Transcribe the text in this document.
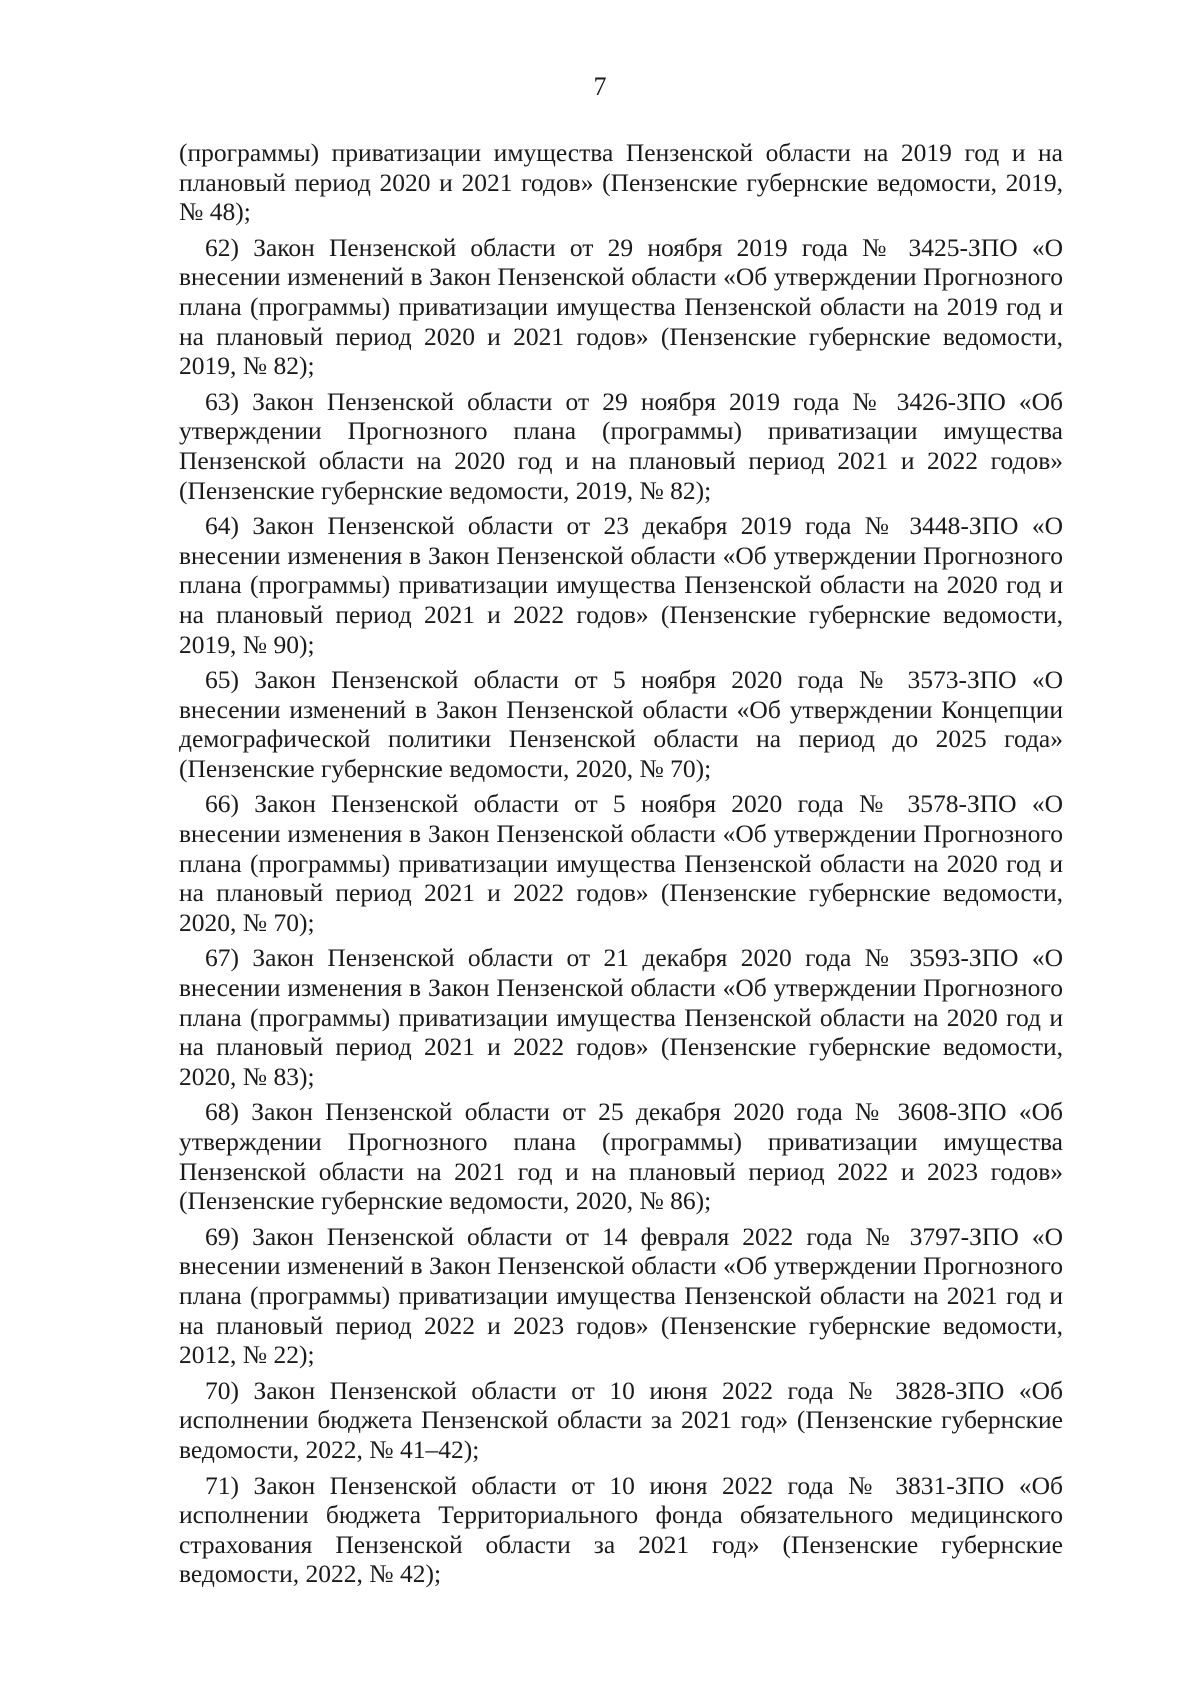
7

(программы) приватизации имущества Пензенской области на 2019 год и на плановый период 2020 и 2021 годов» (Пензенские губернские ведомости, 2019, № 48);

62) Закон Пензенской области от 29 ноября 2019 года № 3425-ЗПО «О внесении изменений в Закон Пензенской области «Об утверждении Прогнозного плана (программы) приватизации имущества Пензенской области на 2019 год и на плановый период 2020 и 2021 годов» (Пензенские губернские ведомости, 2019, № 82);

63) Закон Пензенской области от 29 ноября 2019 года № 3426-ЗПО «Об утверждении Прогнозного плана (программы) приватизации имущества Пензенской области на 2020 год и на плановый период 2021 и 2022 годов» (Пензенские губернские ведомости, 2019, № 82);

64) Закон Пензенской области от 23 декабря 2019 года № 3448-ЗПО «О внесении изменения в Закон Пензенской области «Об утверждении Прогнозного плана (программы) приватизации имущества Пензенской области на 2020 год и на плановый период 2021 и 2022 годов» (Пензенские губернские ведомости, 2019, № 90);

65) Закон Пензенской области от 5 ноября 2020 года № 3573-ЗПО «О внесении изменений в Закон Пензенской области «Об утверждении Концепции демографической политики Пензенской области на период до 2025 года» (Пензенские губернские ведомости, 2020, № 70);

66) Закон Пензенской области от 5 ноября 2020 года № 3578-ЗПО «О внесении изменения в Закон Пензенской области «Об утверждении Прогнозного плана (программы) приватизации имущества Пензенской области на 2020 год и на плановый период 2021 и 2022 годов» (Пензенские губернские ведомости, 2020, № 70);

67) Закон Пензенской области от 21 декабря 2020 года № 3593-ЗПО «О внесении изменения в Закон Пензенской области «Об утверждении Прогнозного плана (программы) приватизации имущества Пензенской области на 2020 год и на плановый период 2021 и 2022 годов» (Пензенские губернские ведомости, 2020, № 83);

68) Закон Пензенской области от 25 декабря 2020 года № 3608-ЗПО «Об утверждении Прогнозного плана (программы) приватизации имущества Пензенской области на 2021 год и на плановый период 2022 и 2023 годов» (Пензенские губернские ведомости, 2020, № 86);

69) Закон Пензенской области от 14 февраля 2022 года № 3797-ЗПО «О внесении изменений в Закон Пензенской области «Об утверждении Прогнозного плана (программы) приватизации имущества Пензенской области на 2021 год и на плановый период 2022 и 2023 годов» (Пензенские губернские ведомости, 2012, № 22);

70) Закон Пензенской области от 10 июня 2022 года № 3828-ЗПО «Об исполнении бюджета Пензенской области за 2021 год» (Пензенские губернские ведомости, 2022, № 41–42);

71) Закон Пензенской области от 10 июня 2022 года № 3831-ЗПО «Об исполнении бюджета Территориального фонда обязательного медицинского страхования Пензенской области за 2021 год» (Пензенские губернские ведомости, 2022, № 42);
